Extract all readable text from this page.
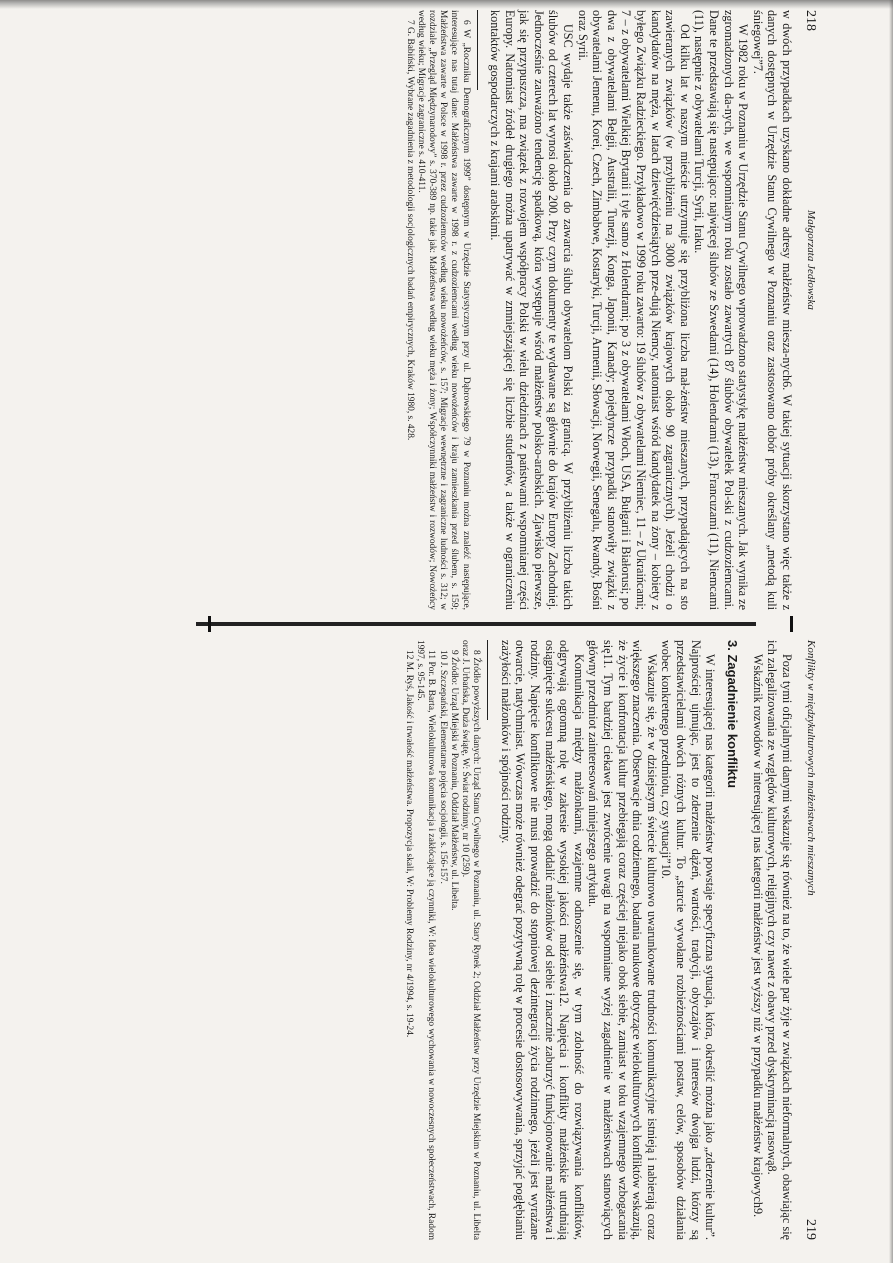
218
Małgorzata Jedłowska

w dwóch przypadkach uzyskano dokładne adresy małżeństw miesza-nych6. W takiej sytuacji skorzystano więc także z danych dostępnych w Urzędzie Stanu Cywilnego w Poznaniu oraz zastosowano dobór próby określany „metodą kuli śniegowej”7.

W 1982 roku w Poznaniu w Urzędzie Stanu Cywilnego wprowadzono statystykę małżeństw mieszanych. Jak wynika ze zgromadzonych da-nych, we wspomnianym roku zostało zawartych 87 ślubów obywatelek Pol-ski z cudzoziemcami. Dane te przedstawiają się następująco: najwięcej ślubów ze Szwedami (14), Holendrami (13), Francuzami (11), Niemcami (11), następnie z obywatelami Turcji, Syrii, Iraku.

Od kilku lat w naszym mieście utrzymuje się przybliżona liczba mał-żeństw mieszanych, przypadających na sto zawieranych związków (w przybliżeniu na 3000 związków krajowych około 90 zagranicznych). Jeżeli chodzi o kandydatów na męża, w latach dziewięćdziesiątych prze-dują Niemcy, natomiast wśród kandydatek na żony – kobiety z byłego Związku Radzieckiego. Przykładowo w 1999 roku zawarto: 19 ślubów z obywatelami Niemiec, 11 – z Ukraińcami; 7 – z obywatelami Wielkiej Brytanii i tyle samo z Holendrami; po 3 z obywatelami Włoch, USA, Bułgarii i Białorusi; po dwa z obywatelami Belgii, Australii, Tunezji, Konga, Japonii, Kanady; pojedyncze przypadki stanowiły związki z obywatelami Jemenu, Korei, Czech, Zimbabwe, Kostaryki, Turcji, Armenii, Słowacji, Norwegii, Senegalu, Rwandy, Bośni oraz Syrii.

USC wydaje także zaświadczenia do zawarcia ślubu obywatelom Polski za granicą. W przybliżeniu liczba takich ślubów od czterech lat wynosi około 200. Przy czym dokumenty te wydawane są głównie do krajów Europy Zachodniej. Jednocześnie zauważono tendencję spadkową, która występuje wśród małżeństw polsko-arabskich. Zjawisko pierwsze, jak się przypuszcza, ma związek z rozwojem współpracy Polski w wielu dziedzinach z państwami wspomnianej części Europy. Natomiast źródeł drugiego można upatrywać w zmniejszającej się liczbie studentów, a także w ograniczeniu kontaktów gospodarczych z krajami arabskimi.

6 W „Roczniku Demograficznym 1999” dostępnym w Urzędzie Statystycznym przy ul. Dąbrowskiego 79 w Poznaniu można znaleźć następujące, interesujące nas tutaj dane: Małżeństwa zawarte w 1998 r. z cudzoziemcami według wieku nowożeńców i kraju zamieszkania przed ślubem, s. 159; Małżeństwa zawarte w Polsce w 1998 r. przez cudzoziemców według wieku nowożeńców, s. 157; Migracje wewnętrzne i zagraniczne ludności s. 312; w rozdziale „Przegląd Międzynarodowy” s. 370-389 np. takie jak: Małżeństwa według wieku męża i żony; Współczynniki małżeństw i rozwodów; Nowożeńcy według wieku; Migracje zagraniczne s. 410-411.

7 G. Babiński, Wybrane zagadnienia z metodologii socjologicznych badań empirycznych, Kraków 1980, s. 428.

Konflikty w międzykulturowych małżeństwach mieszanych
219

Poza tymi oficjalnymi danymi wskazuje się również na to, że wiele par żyje w związkach nieformalnych, obawiając się ich zalegalizowania ze względów kulturowych, religijnych czy nawet z obawy przed dyskryminacją rasową8.

Wskaźnik rozwodów w interesującej nas kategorii małżeństw jest wyższy niż w przypadku małżeństw krajowych9.

3. Zagadnienie konfliktu

W interesującej nas kategorii małżeństw powstaje specyficzna sytuacja, która, określić można jako „zderzenie kultur”. Najprościej ujmując, jest to zderzenie dążeń, wartości, tradycji, obyczajów i interesów dwojga ludzi, którzy są przedstawicielami dwóch różnych kultur. To „starcie wywołane rozbieżnościami postaw, celów, sposobów działania wobec konkretnego przedmiotu, czy sytuacji”10.

Wskazuje się, że w dzisiejszym świecie kulturowo uwarunkowane trudności komunikacyjne istnieją i nabierają coraz większego znaczenia. Obserwacje dnia codziennego, badania naukowe dotyczące wielokulturowych konfliktów wskazują, że życie i konfrontacja kultur przebiegają coraz częściej niejako obok siebie, zamiast w toku wzajemnego wzbogacania się11. Tym bardziej ciekawe jest zwrócenie uwagi na wspomniane wyżej zagadnienie w małżeństwach stanowiących główny przedmiot zainteresowań niniejszego artykułu.

Komunikacja między małżonkami, wzajemne odnoszenie się, w tym zdolność do rozwiązywania konfliktów, odgrywają ogromną rolę w zakresie wysokiej jakości małżeństwa12. Napięcia i konflikty małżeńskie utrudniają osiągnięcie sukcesu małżeńskiego, mogą oddalić małżonków od siebie i znacznie zaburzyć funkcjonowanie małżeństwa i rodziny. Napięcie konfliktowe nie musi prowadzić do stopniowej dezintegracji życia rodzinnego, jeżeli jest wyrażane otwarcie, natychmiast. Wówczas może również odegrać pozytywną rolę w procesie dostosowywania, sprzyjać pogłębianiu zażyłości małżonków i spójności rodziny.

8 Źródło powyższych danych: Urząd Stanu Cywilnego w Poznaniu, ul. Stary Rynek 2; Oddział Małżeństw przy Urzędzie Miejskim w Poznaniu, ul. Libelta oraz J. Urbańska, Duża świątę, W: Świat rodzinny, nr 10 (259).

9 Źródło: Urząd Miejski w Poznaniu, Oddział Małżeństw, ul. Libelta.

10 J. Szczepański, Elementarne pojęcia socjologii, s. 156-157.

11 Por. B. Barta, Wielokulturowa komunikacja i zakłócające ją czynniki, W: Idea wielokulturowego wychowania w nowoczesnych społeczeństwach, Radom 1997, s. 95-145.

12 M. Ryś, Jakość i trwałość małżeństwa. Propozycja skali, W: Problemy Rodziny, nr 4/1994, s. 19-24.
